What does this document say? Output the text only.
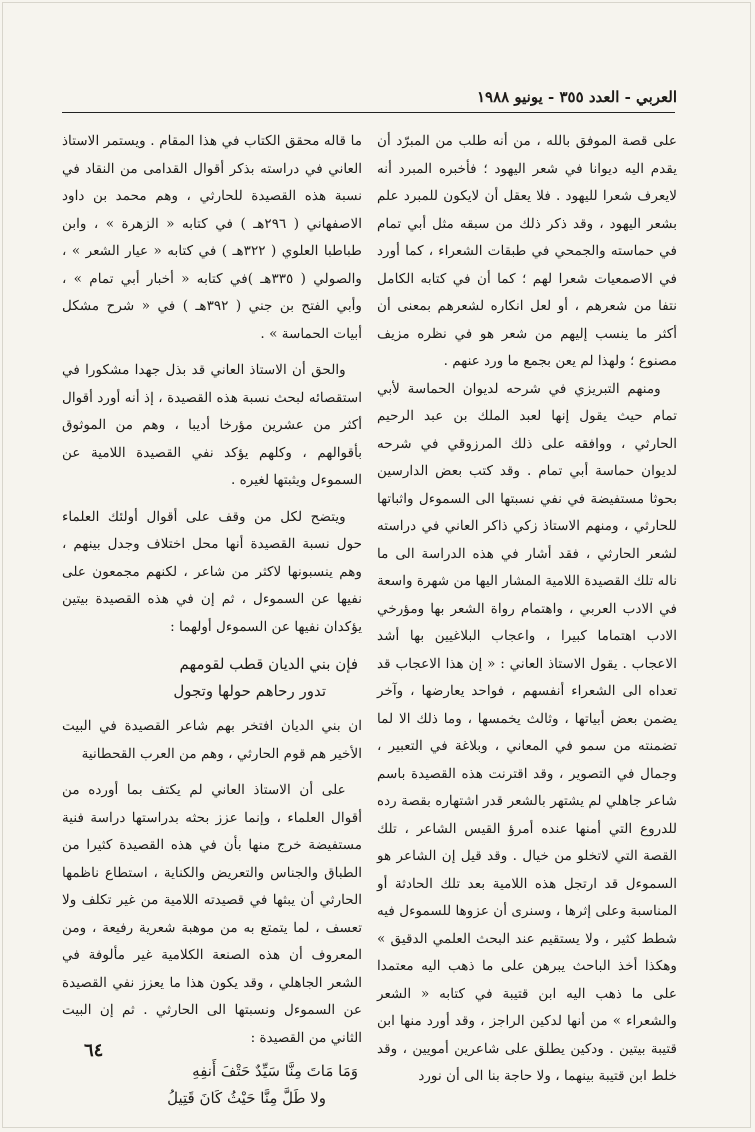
العربي - العدد ٣٥٥ - يونيو ١٩٨٨

على قصة الموفق بالله ، من أنه طلب من المبرّد أن يقدم اليه ديوانا في شعر اليهود ؛ فأخبره المبرد أنه لايعرف شعرا لليهود . فلا يعقل أن لايكون للمبرد علم بشعر اليهود ، وقد ذكر ذلك من سبقه مثل أبي تمام في حماسته والجمحي في طبقات الشعراء ، كما أورد في الاصمعيات شعرا لهم ؛ كما أن في كتابه الكامل نتفا من شعرهم ، أو لعل انكاره لشعرهم بمعنى أن أكثر ما ينسب إليهم من شعر هو في نظره مزيف مصنوع ؛ ولهذا لم يعن بجمع ما ورد عنهم .

ومنهم التبريزي في شرحه لديوان الحماسة لأبي تمام حيث يقول إنها لعبد الملك بن عبد الرحيم الحارثي ، ووافقه على ذلك المرزوقي في شرحه لديوان حماسة أبي تمام . وقد كتب بعض الدارسين بحوثا مستفيضة في نفي نسبتها الى السموءل واثباتها للحارثي ، ومنهم الاستاذ زكي ذاكر العاني في دراسته لشعر الحارثي ، فقد أشار في هذه الدراسة الى ما ناله تلك القصيدة اللامية المشار اليها من شهرة واسعة في الادب العربي ، واهتمام رواة الشعر بها ومؤرخي الادب اهتماما كبيرا ، واعجاب البلاغيين بها أشد الاعجاب . يقول الاستاذ العاني : « إن هذا الاعجاب قد تعداه الى الشعراء أنفسهم ، فواحد يعارضها ، وآخر يضمن بعض أبياتها ، وثالث يخمسها ، وما ذلك الا لما تضمنته من سمو في المعاني ، وبلاغة في التعبير ، وجمال في التصوير ، وقد اقترنت هذه القصيدة باسم شاعر جاهلي لم يشتهر بالشعر قدر اشتهاره بقصة رده للدروع التي أمنها عنده أمرؤ القيس الشاعر ، تلك القصة التي لاتخلو من خيال . وقد قيل إن الشاعر هو السموءل قد ارتجل هذه اللامية بعد تلك الحادثة أو المناسبة وعلى إثرها ، وسنرى أن عزوها للسموءل فيه شطط كثير ، ولا يستقيم عند البحث العلمي الدقيق » وهكذا أخذ الباحث يبرهن على ما ذهب اليه معتمدا على ما ذهب اليه ابن قتيبة في كتابه « الشعر والشعراء » من أنها لدكين الراجز ، وقد أورد منها ابن قتيبة بيتين . ودكين يطلق على شاعرين أمويين ، وقد خلط ابن قتيبة بينهما ، ولا حاجة بنا الى أن نورد

ما قاله محقق الكتاب في هذا المقام . ويستمر الاستاذ العاني في دراسته بذكر أقوال القدامى من النقاد في نسبة هذه القصيدة للحارثي ، وهم محمد بن داود الاصفهاني ( ٢٩٦هـ ) في كتابه « الزهرة » ، وابن طباطبا العلوي ( ٣٢٢هـ ) في كتابه « عيار الشعر » ، والصولي ( ٣٣٥هـ )في كتابه « أخبار أبي تمام » ، وأبي الفتح بن جني ( ٣٩٢هـ ) في « شرح مشكل أبيات الحماسة » .

والحق أن الاستاذ العاني قد بذل جهدا مشكورا في استقصائه لبحث نسبة هذه القصيدة ، إذ أنه أورد أقوال أكثر من عشرين مؤرخا أديبا ، وهم من الموثوق بأقوالهم ، وكلهم يؤكد نفي القصيدة اللامية عن السموءل ويثبتها لغيره .

ويتضح لكل من وقف على أقوال أولئك العلماء حول نسبة القصيدة أنها محل اختلاف وجدل بينهم ، وهم ينسبونها لاكثر من شاعر ، لكنهم مجمعون على نفيها عن السموءل ، ثم إن في هذه القصيدة بيتين يؤكدان نفيها عن السموءل أولهما :

فإن بني الديان قطب لقومهم
تدور رحاهم حولها وتجول

ان بني الديان افتخر بهم شاعر القصيدة في البيت الأخير هم قوم الحارثي ، وهم من العرب القحطانية

على أن الاستاذ العاني لم يكتف بما أورده من أقوال العلماء ، وإنما عزز بحثه بدراستها دراسة فنية مستفيضة خرج منها بأن في هذه القصيدة كثيرا من الطباق والجناس والتعريض والكناية ، استطاع ناظمها الحارثي أن يبثها في قصيدته اللامية من غير تكلف ولا تعسف ، لما يتمتع به من موهبة شعرية رفيعة ، ومن المعروف أن هذه الصنعة الكلامية غير مألوفة في الشعر الجاهلي ، وقد يكون هذا ما يعزز نفي القصيدة عن السموءل ونسبتها الى الحارثي . ثم إن البيت الثاني من القصيدة :

وَمَا مَاتَ مِنَّا سَيِّدٌ حَتْفَ أَنفِهِ
ولا طَلَّ مِنَّا حَيْثُ كَانَ قَتِيلُ
٦٤
